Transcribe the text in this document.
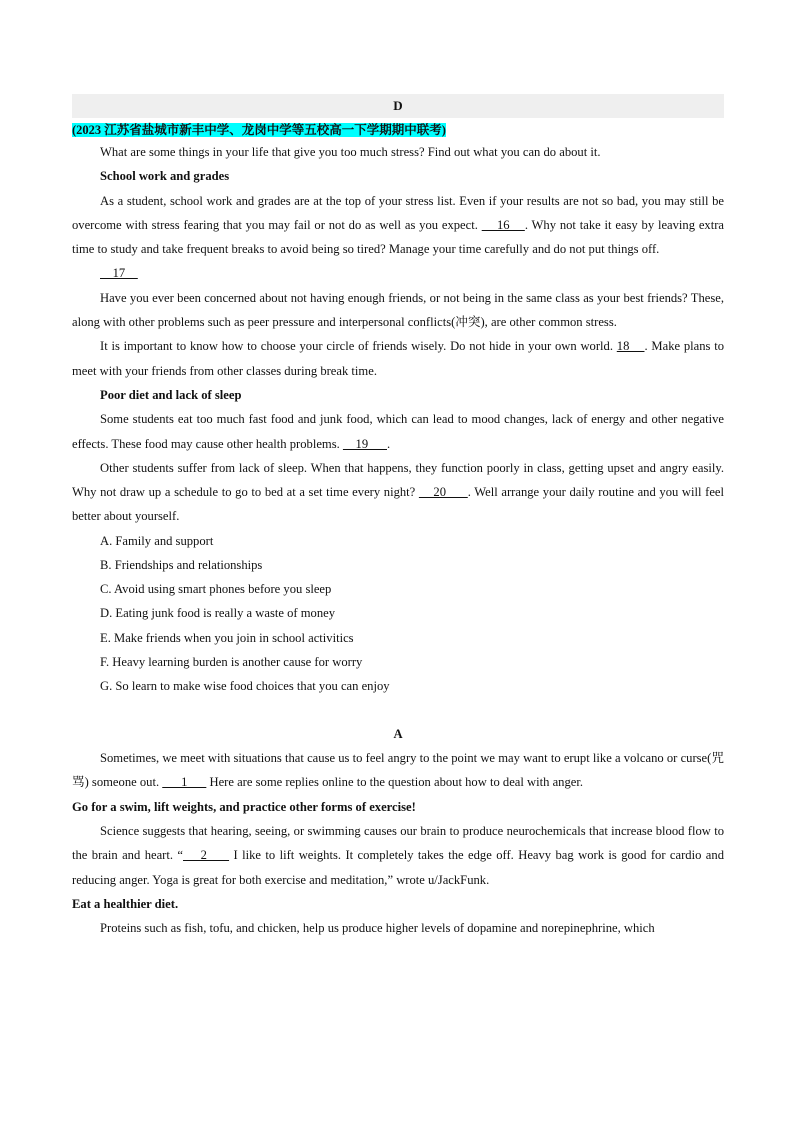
D
(2023 江苏省盐城市新丰中学、龙岗中学等五校高一下学期期中联考)

What are some things in your life that give you too much stress? Find out what you can do about it.

School work and grades

As a student, school work and grades are at the top of your stress list. Even if your results are not so bad, you may still be overcome with stress fearing that you may fail or not do as well as you expect.     16    . Why not take it easy by leaving extra time to study and take frequent breaks to avoid being so tired? Manage your time carefully and do not put things off.

17

Have you ever been concerned about not having enough friends, or not being in the same class as your best friends? These, along with other problems such as peer pressure and interpersonal conflicts(冲突), are other common stress.

It is important to know how to choose your circle of friends wisely. Do not hide in your own world. 18    . Make plans to meet with your friends from other classes during break time.

Poor diet and lack of sleep

Some students eat too much fast food and junk food, which can lead to mood changes, lack of energy and other negative effects. These food may cause other health problems.     19      .

Other students suffer from lack of sleep. When that happens, they function poorly in class, getting upset and angry easily. Why not draw up a schedule to go to bed at a set time every night?     20      . Well arrange your daily routine and you will feel better about yourself.

A. Family and support

B. Friendships and relationships

C. Avoid using smart phones before you sleep

D. Eating junk food is really a waste of money

E. Make friends when you join in school activitics

F. Heavy learning burden is another cause for worry

G. So learn to make wise food choices that you can enjoy

A

Sometimes, we meet with situations that cause us to feel angry to the point we may want to erupt like a volcano or curse(咒骂) someone out.       1       Here are some replies online to the question about how to deal with anger.

Go for a swim, lift weights, and practice other forms of exercise!

Science suggests that hearing, seeing, or swimming causes our brain to produce neurochemicals that increase blood flow to the brain and heart. “    2      I like to lift weights. It completely takes the edge off. Heavy bag work is good for cardio and reducing anger. Yoga is great for both exercise and meditation,” wrote u/JackFunk.

Eat a healthier diet.

Proteins such as fish, tofu, and chicken, help us produce higher levels of dopamine and norepinephrine, which
